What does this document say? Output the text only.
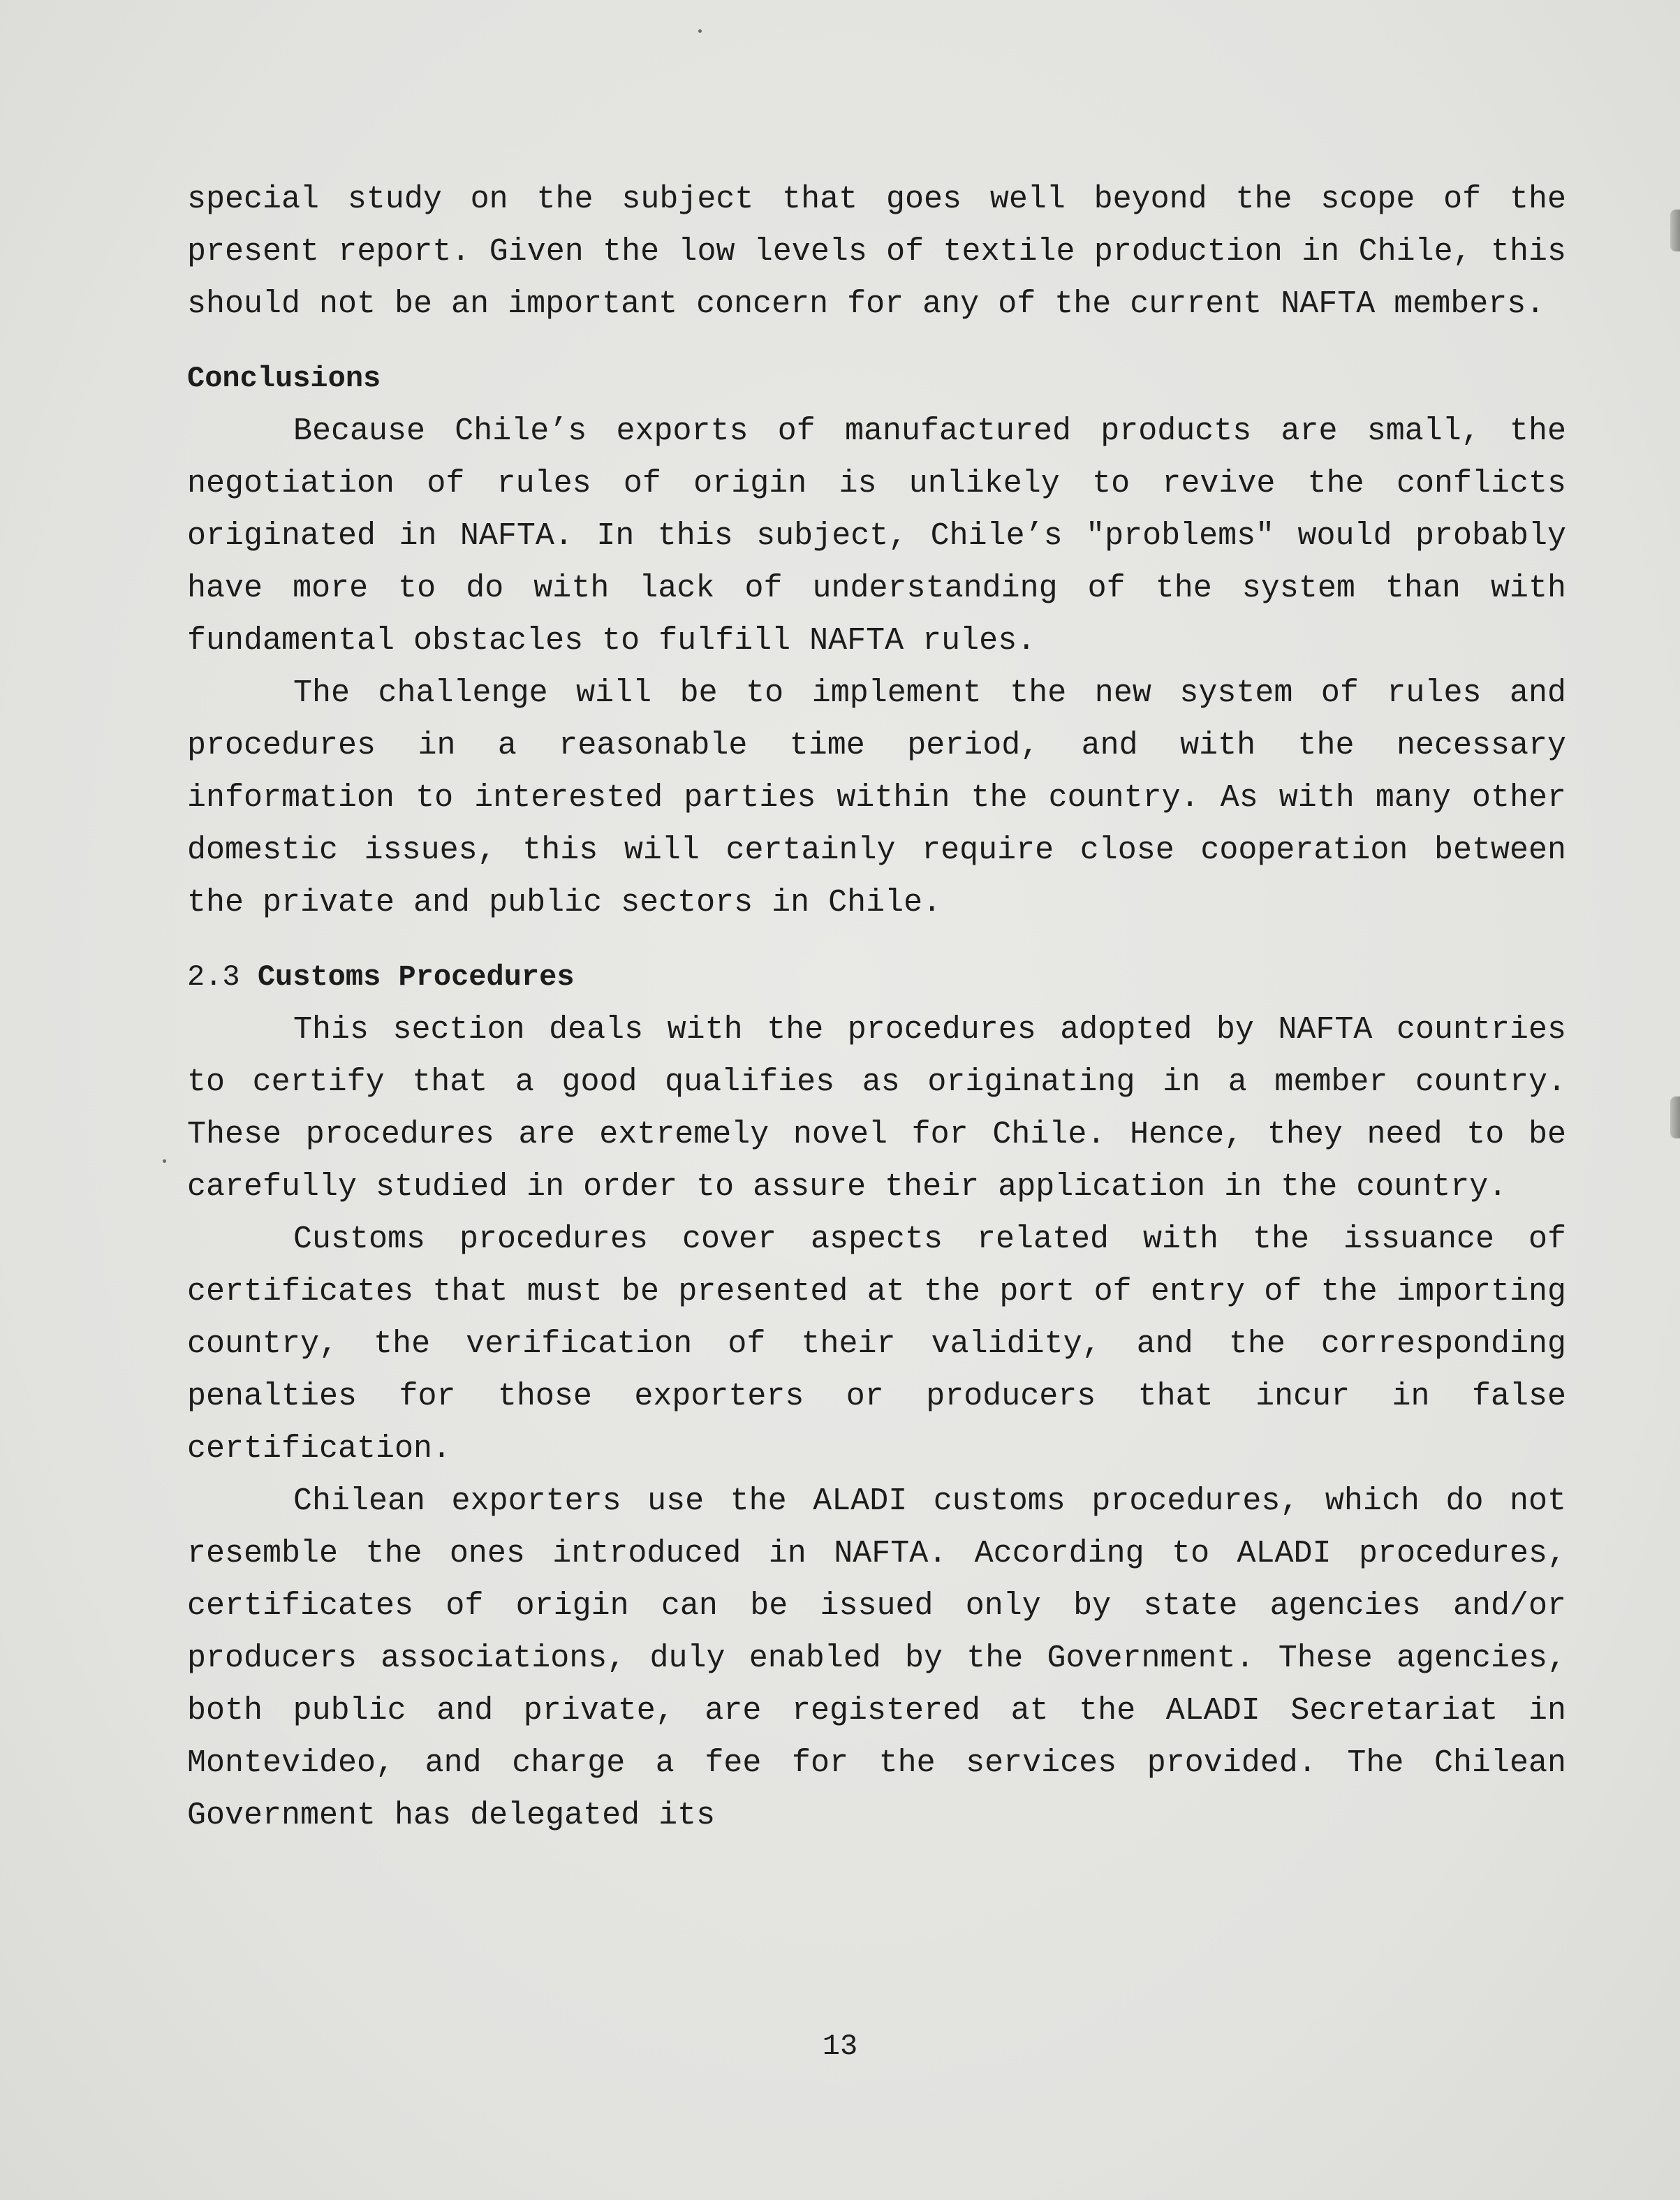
special study on the subject that goes well beyond the scope of the present report. Given the low levels of textile production in Chile, this should not be an important concern for any of the current NAFTA members.

Conclusions

Because Chile’s exports of manufactured products are small, the negotiation of rules of origin is unlikely to revive the conflicts originated in NAFTA. In this subject, Chile’s "problems" would probably have more to do with lack of understanding of the system than with fundamental obstacles to fulfill NAFTA rules.

The challenge will be to implement the new system of rules and procedures in a reasonable time period, and with the necessary information to interested parties within the country. As with many other domestic issues, this will certainly require close cooperation between the private and public sectors in Chile.

2.3 Customs Procedures

This section deals with the procedures adopted by NAFTA countries to certify that a good qualifies as originating in a member country. These procedures are extremely novel for Chile. Hence, they need to be carefully studied in order to assure their application in the country.

Customs procedures cover aspects related with the issuance of certificates that must be presented at the port of entry of the importing country, the verification of their validity, and the corresponding penalties for those exporters or producers that incur in false certification.

Chilean exporters use the ALADI customs procedures, which do not resemble the ones introduced in NAFTA. According to ALADI procedures, certificates of origin can be issued only by state agencies and/or producers associations, duly enabled by the Government. These agencies, both public and private, are registered at the ALADI Secretariat in Montevideo, and charge a fee for the services provided. The Chilean Government has delegated its

13
